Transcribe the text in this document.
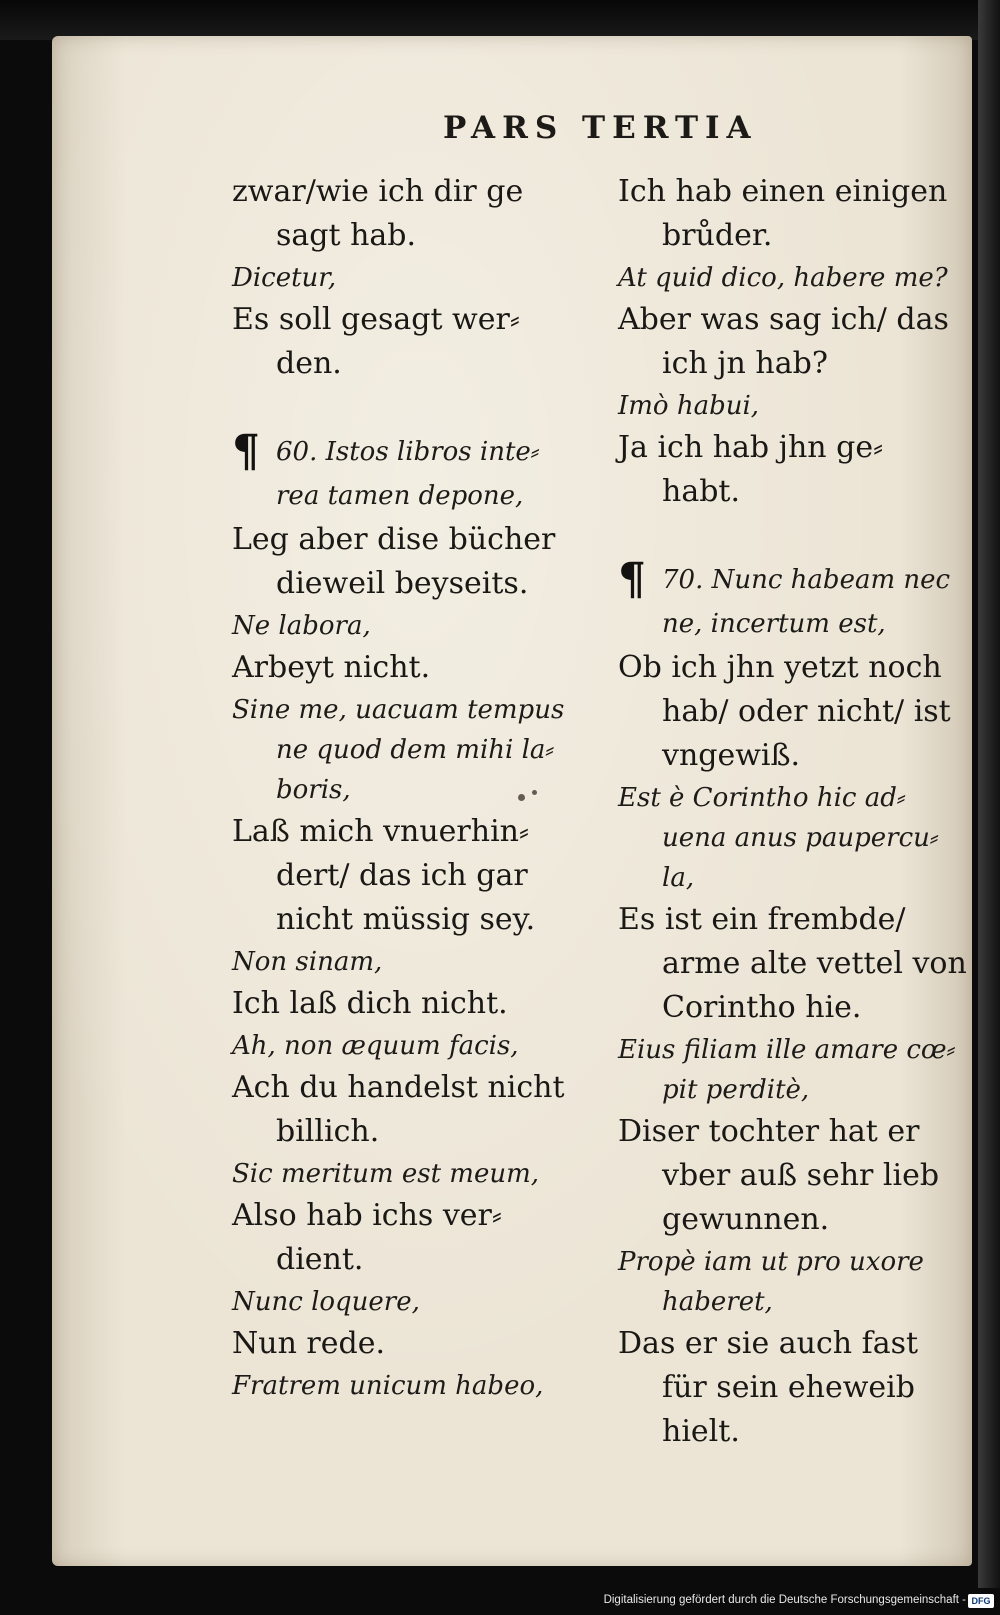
PARS TERTIA

zwar/wie ich dir ge sagt hab.

Dicetur,

Es soll gesagt wer⸗ den.

¶ 60. Istos libros inte⸗ rea tamen depone,

Leg aber dise bücher dieweil beyseits.

Ne labora,

Arbeyt nicht.

Sine me, uacuam tempus ne quod dem mihi la⸗ boris,

Laß mich vnuerhin⸗ dert/ das ich gar nicht müssig sey.

Non sinam,

Ich laß dich nicht.

Ah, non æquum facis,

Ach du handelst nicht billich.

Sic meritum est meum,

Also hab ichs ver⸗ dient.

Nunc loquere,

Nun rede.

Fratrem unicum habeo,

Ich hab einen einigen brůder.

At quid dico, habere me?

Aber was sag ich/ das ich jn hab?

Imò habui,

Ja ich hab jhn ge⸗ habt.

¶ 70. Nunc habeam nec ne, incertum est,

Ob ich jhn yetzt noch hab/ oder nicht/ ist vngewiß.

Est è Corintho hic ad⸗ uena anus paupercu⸗ la,

Es ist ein frembde/ arme alte vettel von Corintho hie.

Eius filiam ille amare cœ⸗ pit perditè,

Diser tochter hat er vber auß sehr lieb gewunnen.

Propè iam ut pro uxore haberet,

Das er sie auch fast für sein eheweib hielt.

Digitalisierung gefördert durch die Deutsche Forschungsgemeinschaft - DFG
